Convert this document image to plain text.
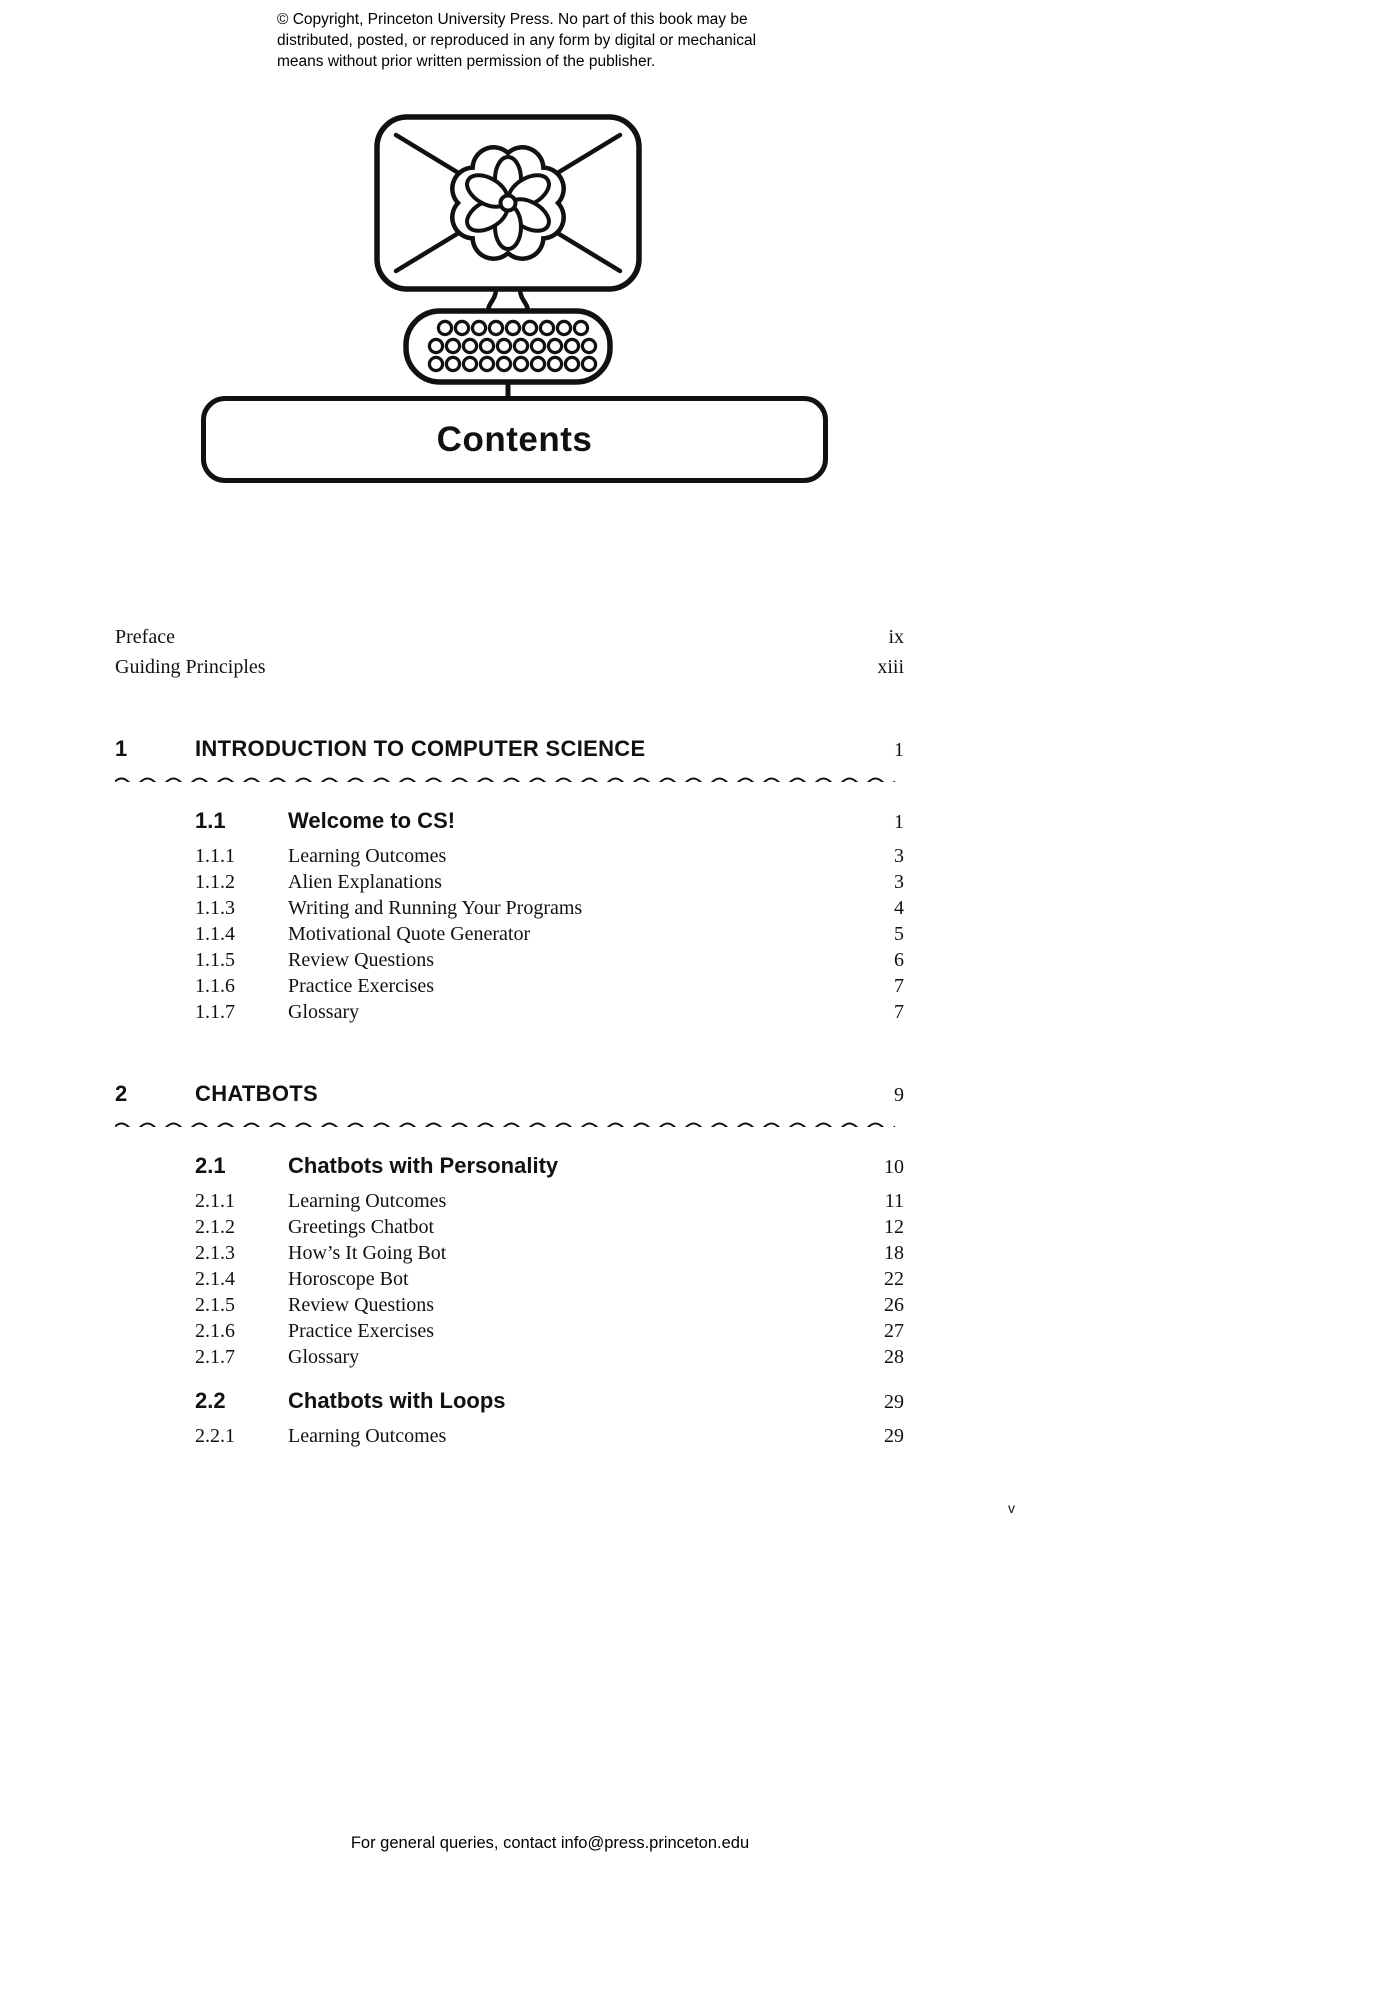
© Copyright, Princeton University Press. No part of this book may be
distributed, posted, or reproduced in any form by digital or mechanical
means without prior written permission of the publisher.
Contents
Preface	ix
Guiding Principles	xiii
1	INTRODUCTION TO COMPUTER SCIENCE	1
1.1	Welcome to CS!	1
1.1.1	Learning Outcomes	3
1.1.2	Alien Explanations	3
1.1.3	Writing and Running Your Programs	4
1.1.4	Motivational Quote Generator	5
1.1.5	Review Questions	6
1.1.6	Practice Exercises	7
1.1.7	Glossary	7
2	CHATBOTS	9
2.1	Chatbots with Personality	10
2.1.1	Learning Outcomes	11
2.1.2	Greetings Chatbot	12
2.1.3	How’s It Going Bot	18
2.1.4	Horoscope Bot	22
2.1.5	Review Questions	26
2.1.6	Practice Exercises	27
2.1.7	Glossary	28
2.2	Chatbots with Loops	29
2.2.1	Learning Outcomes	29
v
For general queries, contact info@press.princeton.edu
